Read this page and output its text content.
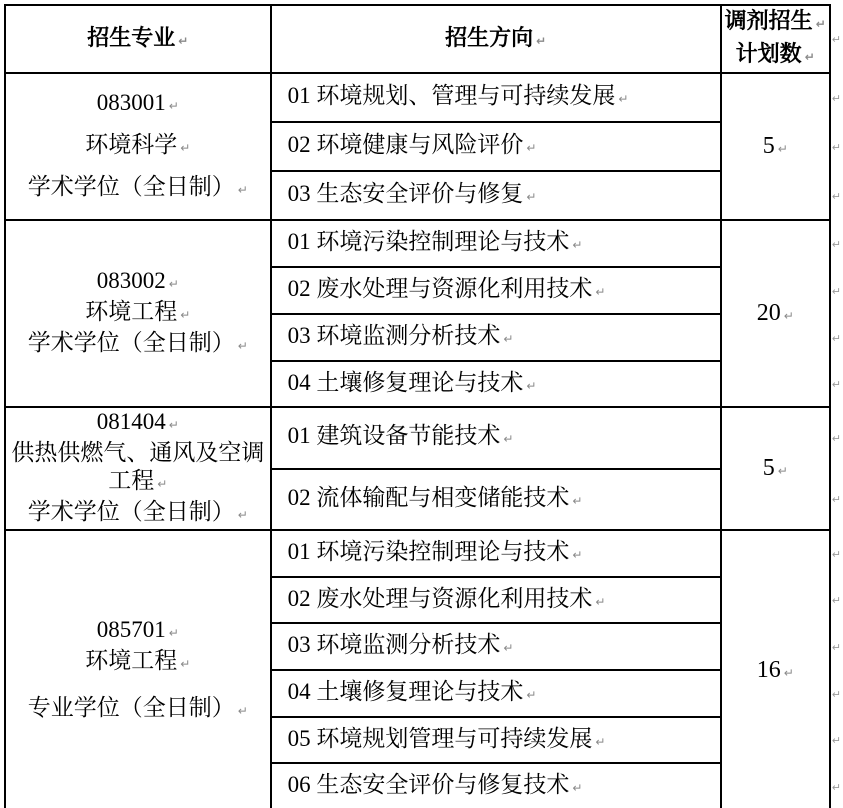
招生专业 ↵	招生方向 ↵	调剂招生 ↵
计划数 ↵	↵

083001 ↵
环境科学 ↵
学术学位（全日制） ↵	01 环境规划、管理与可持续发展 ↵	5 ↵	↵
	02 环境健康与风险评价 ↵		↵
	03 生态安全评价与修复 ↵		↵

083002 ↵
环境工程 ↵
学术学位（全日制） ↵	01 环境污染控制理论与技术 ↵	20 ↵	↵
	02 废水处理与资源化利用技术 ↵		↵
	03 环境监测分析技术 ↵		↵
	04 土壤修复理论与技术 ↵		↵

081404 ↵
供热供燃气、通风及空调
工程 ↵
学术学位（全日制） ↵	01 建筑设备节能技术 ↵	5 ↵	↵
	02 流体输配与相变储能技术 ↵		↵

085701 ↵
环境工程 ↵
专业学位（全日制） ↵	01 环境污染控制理论与技术 ↵	16 ↵	↵
	02 废水处理与资源化利用技术 ↵		↵
	03 环境监测分析技术 ↵		↵
	04 土壤修复理论与技术 ↵		↵
	05 环境规划管理与可持续发展 ↵		↵
	06 生态安全评价与修复技术 ↵		↵
